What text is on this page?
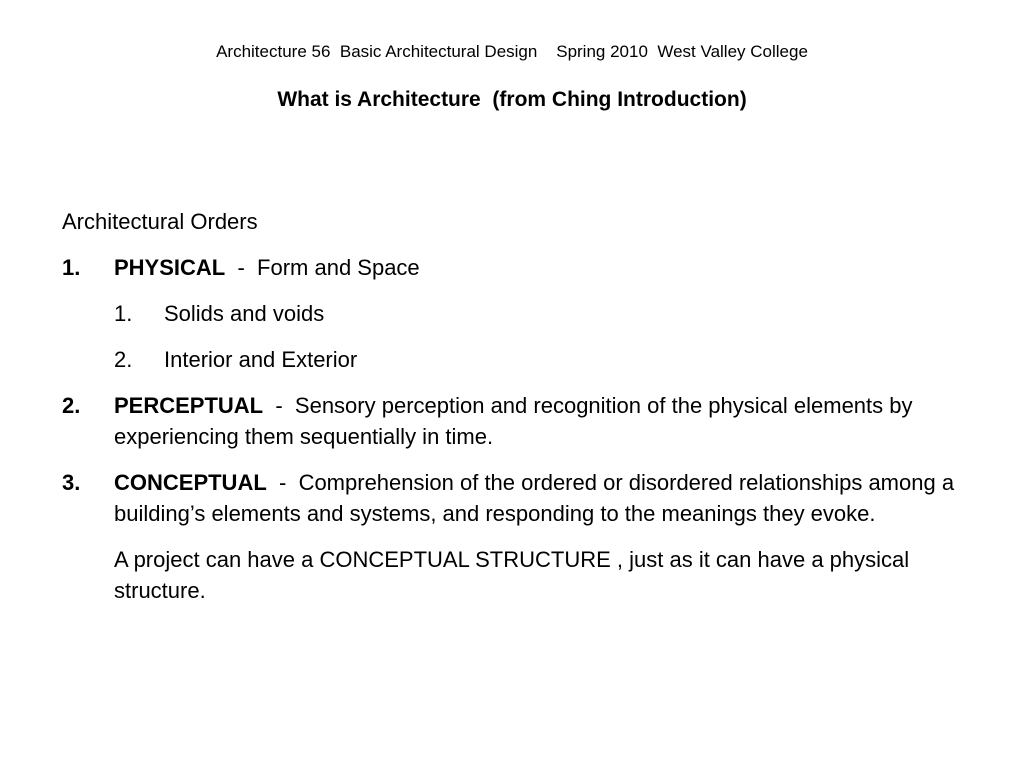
Architecture 56  Basic Architectural Design    Spring 2010  West Valley College
What is Architecture  (from Ching Introduction)
Architectural Orders
1. PHYSICAL  -  Form and Space
1. Solids and voids
2. Interior and Exterior
2. PERCEPTUAL  -  Sensory perception and recognition of the physical elements by experiencing them sequentially in time.
3. CONCEPTUAL  -  Comprehension of the ordered or disordered relationships among a building’s elements and systems, and responding to the meanings they evoke.
A project can have a CONCEPTUAL STRUCTURE , just as it can have a physical structure.
